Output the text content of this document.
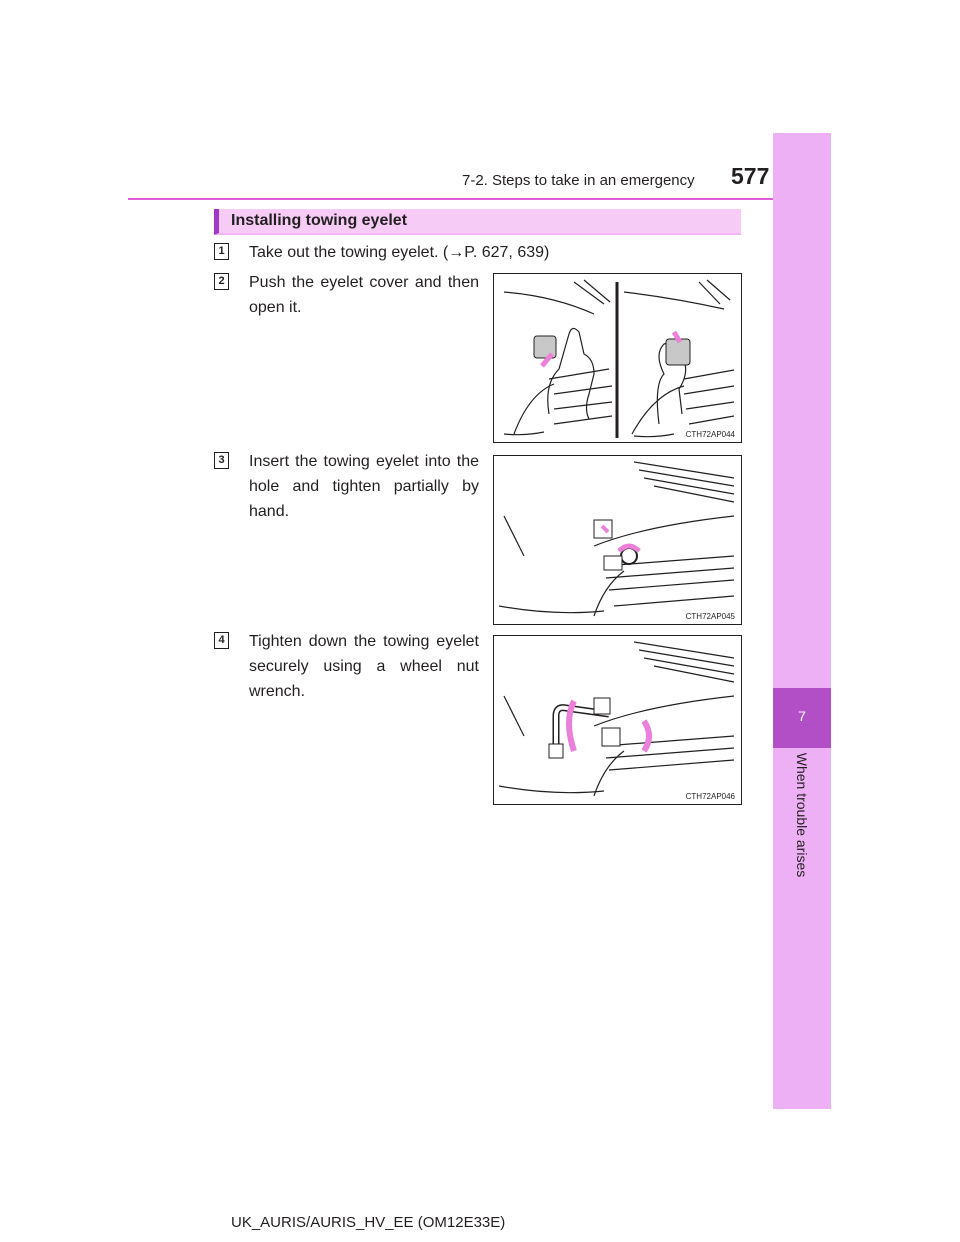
7-2. Steps to take in an emergency 577
7
When trouble arises
Installing towing eyelet
1 Take out the towing eyelet. (→P. 627, 639)
2 Push the eyelet cover and then open it.
CTH72AP044
3 Insert the towing eyelet into the hole and tighten partially by hand.
CTH72AP045
4 Tighten down the towing eyelet securely using a wheel nut wrench.
CTH72AP046
UK_AURIS/AURIS_HV_EE (OM12E33E)
